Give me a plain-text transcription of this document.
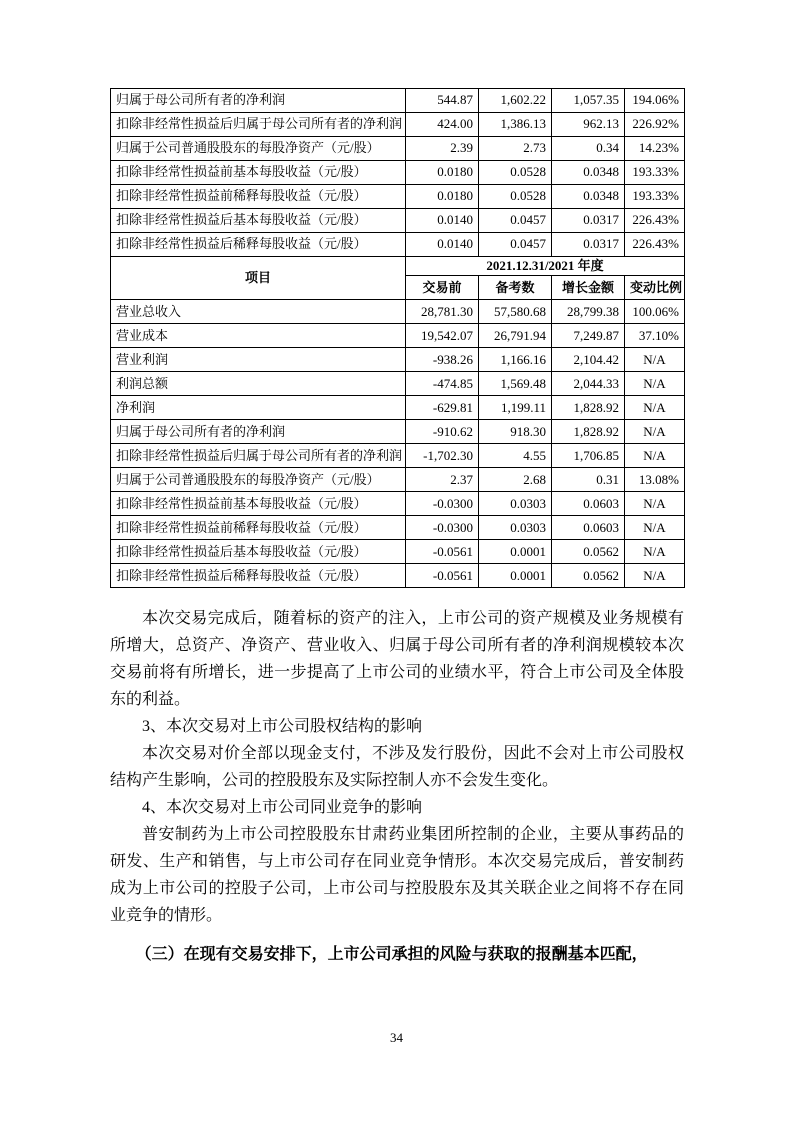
归属于母公司所有者的净利润	544.87	1,602.22	1,057.35	194.06%
扣除非经常性损益后归属于母公司所有者的净利润	424.00	1,386.13	962.13	226.92%
归属于公司普通股股东的每股净资产（元/股）	2.39	2.73	0.34	14.23%
扣除非经常性损益前基本每股收益（元/股）	0.0180	0.0528	0.0348	193.33%
扣除非经常性损益前稀释每股收益（元/股）	0.0180	0.0528	0.0348	193.33%
扣除非经常性损益后基本每股收益（元/股）	0.0140	0.0457	0.0317	226.43%
扣除非经常性损益后稀释每股收益（元/股）	0.0140	0.0457	0.0317	226.43%
项目	2021.12.31/2021 年度			
	交易前	备考数	增长金额	变动比例
营业总收入	28,781.30	57,580.68	28,799.38	100.06%
营业成本	19,542.07	26,791.94	7,249.87	37.10%
营业利润	-938.26	1,166.16	2,104.42	N/A
利润总额	-474.85	1,569.48	2,044.33	N/A
净利润	-629.81	1,199.11	1,828.92	N/A
归属于母公司所有者的净利润	-910.62	918.30	1,828.92	N/A
扣除非经常性损益后归属于母公司所有者的净利润	-1,702.30	4.55	1,706.85	N/A
归属于公司普通股股东的每股净资产（元/股）	2.37	2.68	0.31	13.08%
扣除非经常性损益前基本每股收益（元/股）	-0.0300	0.0303	0.0603	N/A
扣除非经常性损益前稀释每股收益（元/股）	-0.0300	0.0303	0.0603	N/A
扣除非经常性损益后基本每股收益（元/股）	-0.0561	0.0001	0.0562	N/A
扣除非经常性损益后稀释每股收益（元/股）	-0.0561	0.0001	0.0562	N/A

本次交易完成后，随着标的资产的注入，上市公司的资产规模及业务规模有所增大，总资产、净资产、营业收入、归属于母公司所有者的净利润规模较本次交易前将有所增长，进一步提高了上市公司的业绩水平，符合上市公司及全体股东的利益。

3、本次交易对上市公司股权结构的影响

本次交易对价全部以现金支付，不涉及发行股份，因此不会对上市公司股权结构产生影响，公司的控股股东及实际控制人亦不会发生变化。

4、本次交易对上市公司同业竞争的影响

普安制药为上市公司控股股东甘肃药业集团所控制的企业，主要从事药品的研发、生产和销售，与上市公司存在同业竞争情形。本次交易完成后，普安制药成为上市公司的控股子公司，上市公司与控股股东及其关联企业之间将不存在同业竞争的情形。

（三）在现有交易安排下，上市公司承担的风险与获取的报酬基本匹配，

34
